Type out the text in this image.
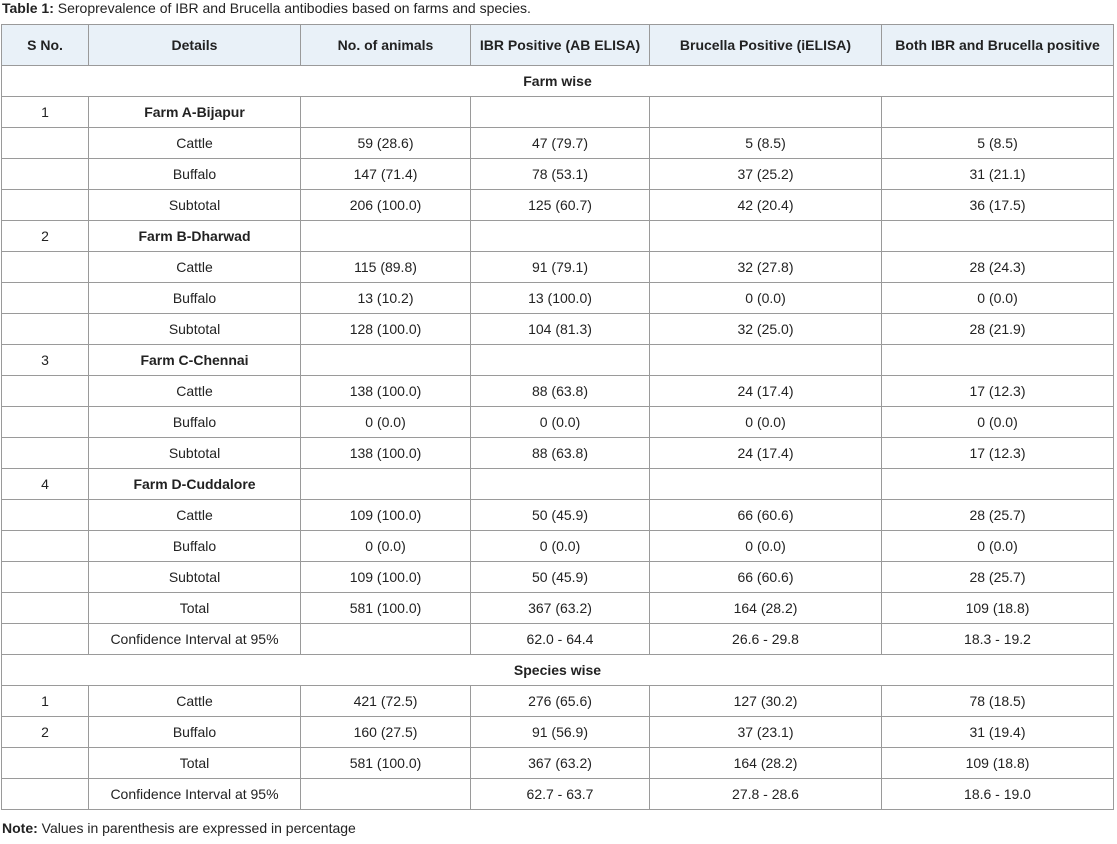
Table 1: Seroprevalence of IBR and Brucella antibodies based on farms and species.
S No.	Details	No. of animals	IBR Positive (AB ELISA)	Brucella Positive (iELISA)	Both IBR and Brucella positive
Farm wise					
1	Farm A-Bijapur				
	Cattle	59 (28.6)	47 (79.7)	5 (8.5)	5 (8.5)
	Buffalo	147 (71.4)	78 (53.1)	37 (25.2)	31 (21.1)
	Subtotal	206 (100.0)	125 (60.7)	42 (20.4)	36 (17.5)
2	Farm B-Dharwad				
	Cattle	115 (89.8)	91 (79.1)	32 (27.8)	28 (24.3)
	Buffalo	13 (10.2)	13 (100.0)	0 (0.0)	0 (0.0)
	Subtotal	128 (100.0)	104 (81.3)	32 (25.0)	28 (21.9)
3	Farm C-Chennai				
	Cattle	138 (100.0)	88 (63.8)	24 (17.4)	17 (12.3)
	Buffalo	0 (0.0)	0 (0.0)	0 (0.0)	0 (0.0)
	Subtotal	138 (100.0)	88 (63.8)	24 (17.4)	17 (12.3)
4	Farm D-Cuddalore				
	Cattle	109 (100.0)	50 (45.9)	66 (60.6)	28 (25.7)
	Buffalo	0 (0.0)	0 (0.0)	0 (0.0)	0 (0.0)
	Subtotal	109 (100.0)	50 (45.9)	66 (60.6)	28 (25.7)
	Total	581 (100.0)	367 (63.2)	164 (28.2)	109 (18.8)
	Confidence Interval at 95%		62.0 - 64.4	26.6 - 29.8	18.3 - 19.2
Species wise					
1	Cattle	421 (72.5)	276 (65.6)	127 (30.2)	78 (18.5)
2	Buffalo	160 (27.5)	91 (56.9)	37 (23.1)	31 (19.4)
	Total	581 (100.0)	367 (63.2)	164 (28.2)	109 (18.8)
	Confidence Interval at 95%		62.7 - 63.7	27.8 - 28.6	18.6 - 19.0
Note: Values in parenthesis are expressed in percentage
